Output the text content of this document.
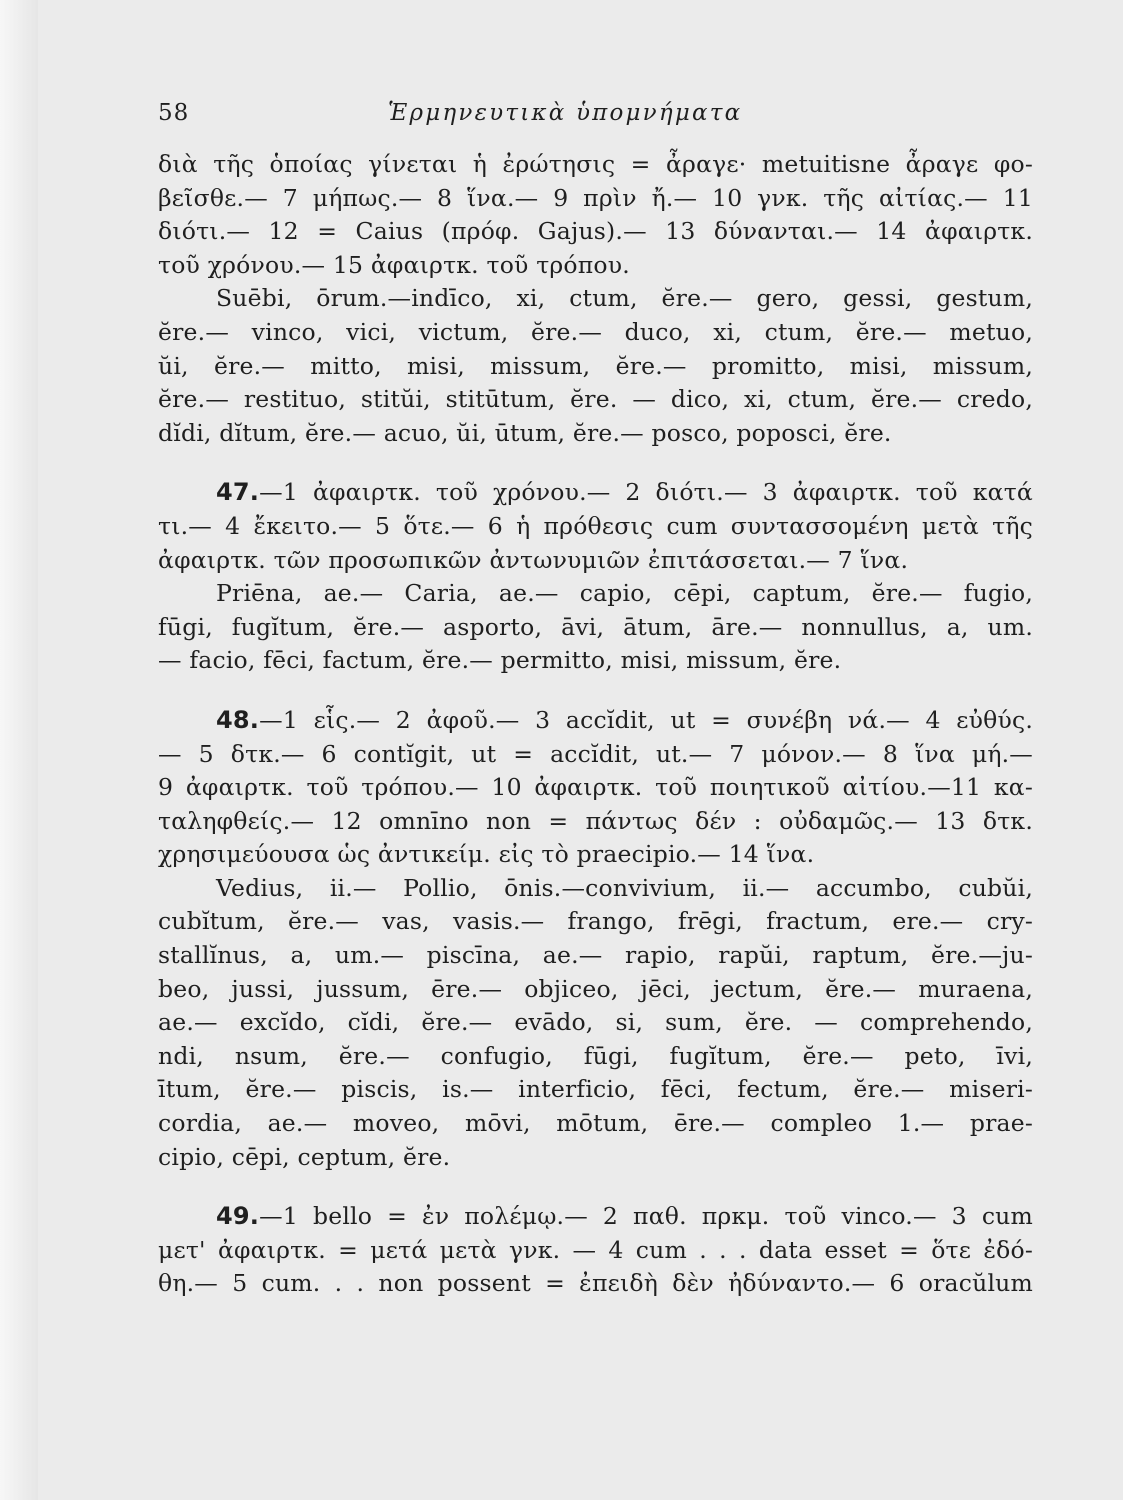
58	Ἑρμηνευτικὰ ὑπομνήματα

διὰ τῆς ὁποίας γίνεται ἡ ἐρώτησις = ἆραγε· metuitisne ἆραγε φο-
βεῖσθε.— 7 μήπως.— 8 ἵνα.— 9 πρὶν ἤ.— 10 γνκ. τῆς αἰτίας.— 11
διότι.— 12 = Caius (πρόφ. Gajus).— 13 δύνανται.— 14 ἀφαιρτκ.
τοῦ χρόνου.— 15 ἀφαιρτκ. τοῦ τρόπου.

Suēbi, ōrum.—indīco, xi, ctum, ĕre.— gero, gessi, gestum,
ĕre.— vinco, vici, victum, ĕre.— duco, xi, ctum, ĕre.— metuo,
ŭi, ĕre.— mitto, misi, missum, ĕre.— promitto, misi, missum,
ĕre.— restituo, stitŭi, stitūtum, ĕre. — dico, xi, ctum, ĕre.— credo,
dĭdi, dĭtum, ĕre.— acuo, ŭi, ūtum, ĕre.— posco, poposci, ĕre.

47.—1 ἀφαιρτκ. τοῦ χρόνου.— 2 διότι.— 3 ἀφαιρτκ. τοῦ κατά
τι.— 4 ἔκειτο.— 5 ὅτε.— 6 ἡ πρόθεσις cum συντασσομένη μετὰ τῆς
ἀφαιρτκ. τῶν προσωπικῶν ἀντωνυμιῶν ἐπιτάσσεται.— 7 ἵνα.

Priēna, ae.— Caria, ae.— capio, cēpi, captum, ĕre.— fugio,
fūgi, fugĭtum, ĕre.— asporto, āvi, ātum, āre.— nonnullus, a, um.
— facio, fēci, factum, ĕre.— permitto, misi, missum, ĕre.

48.—1 εἷς.— 2 ἀφοῦ.— 3 accĭdit, ut = συνέβη νά.— 4 εὐθύς.
— 5 δτκ.— 6 contĭgit, ut = accĭdit, ut.— 7 μόνον.— 8 ἵνα μή.—
9 ἀφαιρτκ. τοῦ τρόπου.— 10 ἀφαιρτκ. τοῦ ποιητικοῦ αἰτίου.—11 κα-
ταληφθείς.— 12 omnīno non = πάντως δέν : οὐδαμῶς.— 13 δτκ.
χρησιμεύουσα ὡς ἀντικείμ. εἰς τὸ praecipio.— 14 ἵνα.

Vedius, ii.— Pollio, ōnis.—convivium, ii.— accumbo, cubŭi,
cubĭtum, ĕre.— vas, vasis.— frango, frēgi, fractum, ere.— cry-
stallĭnus, a, um.— piscīna, ae.— rapio, rapŭi, raptum, ĕre.—ju-
beo, jussi, jussum, ēre.— objiceo, jēci, jectum, ĕre.— muraena,
ae.— excĭdo, cĭdi, ĕre.— evādo, si, sum, ĕre. — comprehendo,
ndi, nsum, ĕre.— confugio, fūgi, fugĭtum, ĕre.— peto, īvi,
ītum, ĕre.— piscis, is.— interficio, fēci, fectum, ĕre.— miseri-
cordia, ae.— moveo, mōvi, mōtum, ēre.— compleo 1.— prae-
cipio, cēpi, ceptum, ĕre.

49.—1 bello = ἐν πολέμῳ.— 2 παθ. πρκμ. τοῦ vinco.— 3 cum
μετ' ἀφαιρτκ. = μετά μετὰ γνκ. — 4 cum . . . data esset = ὅτε ἐδό-
θη.— 5 cum. . . non possent = ἐπειδὴ δὲν ἠδύναντο.— 6 oracŭlum
